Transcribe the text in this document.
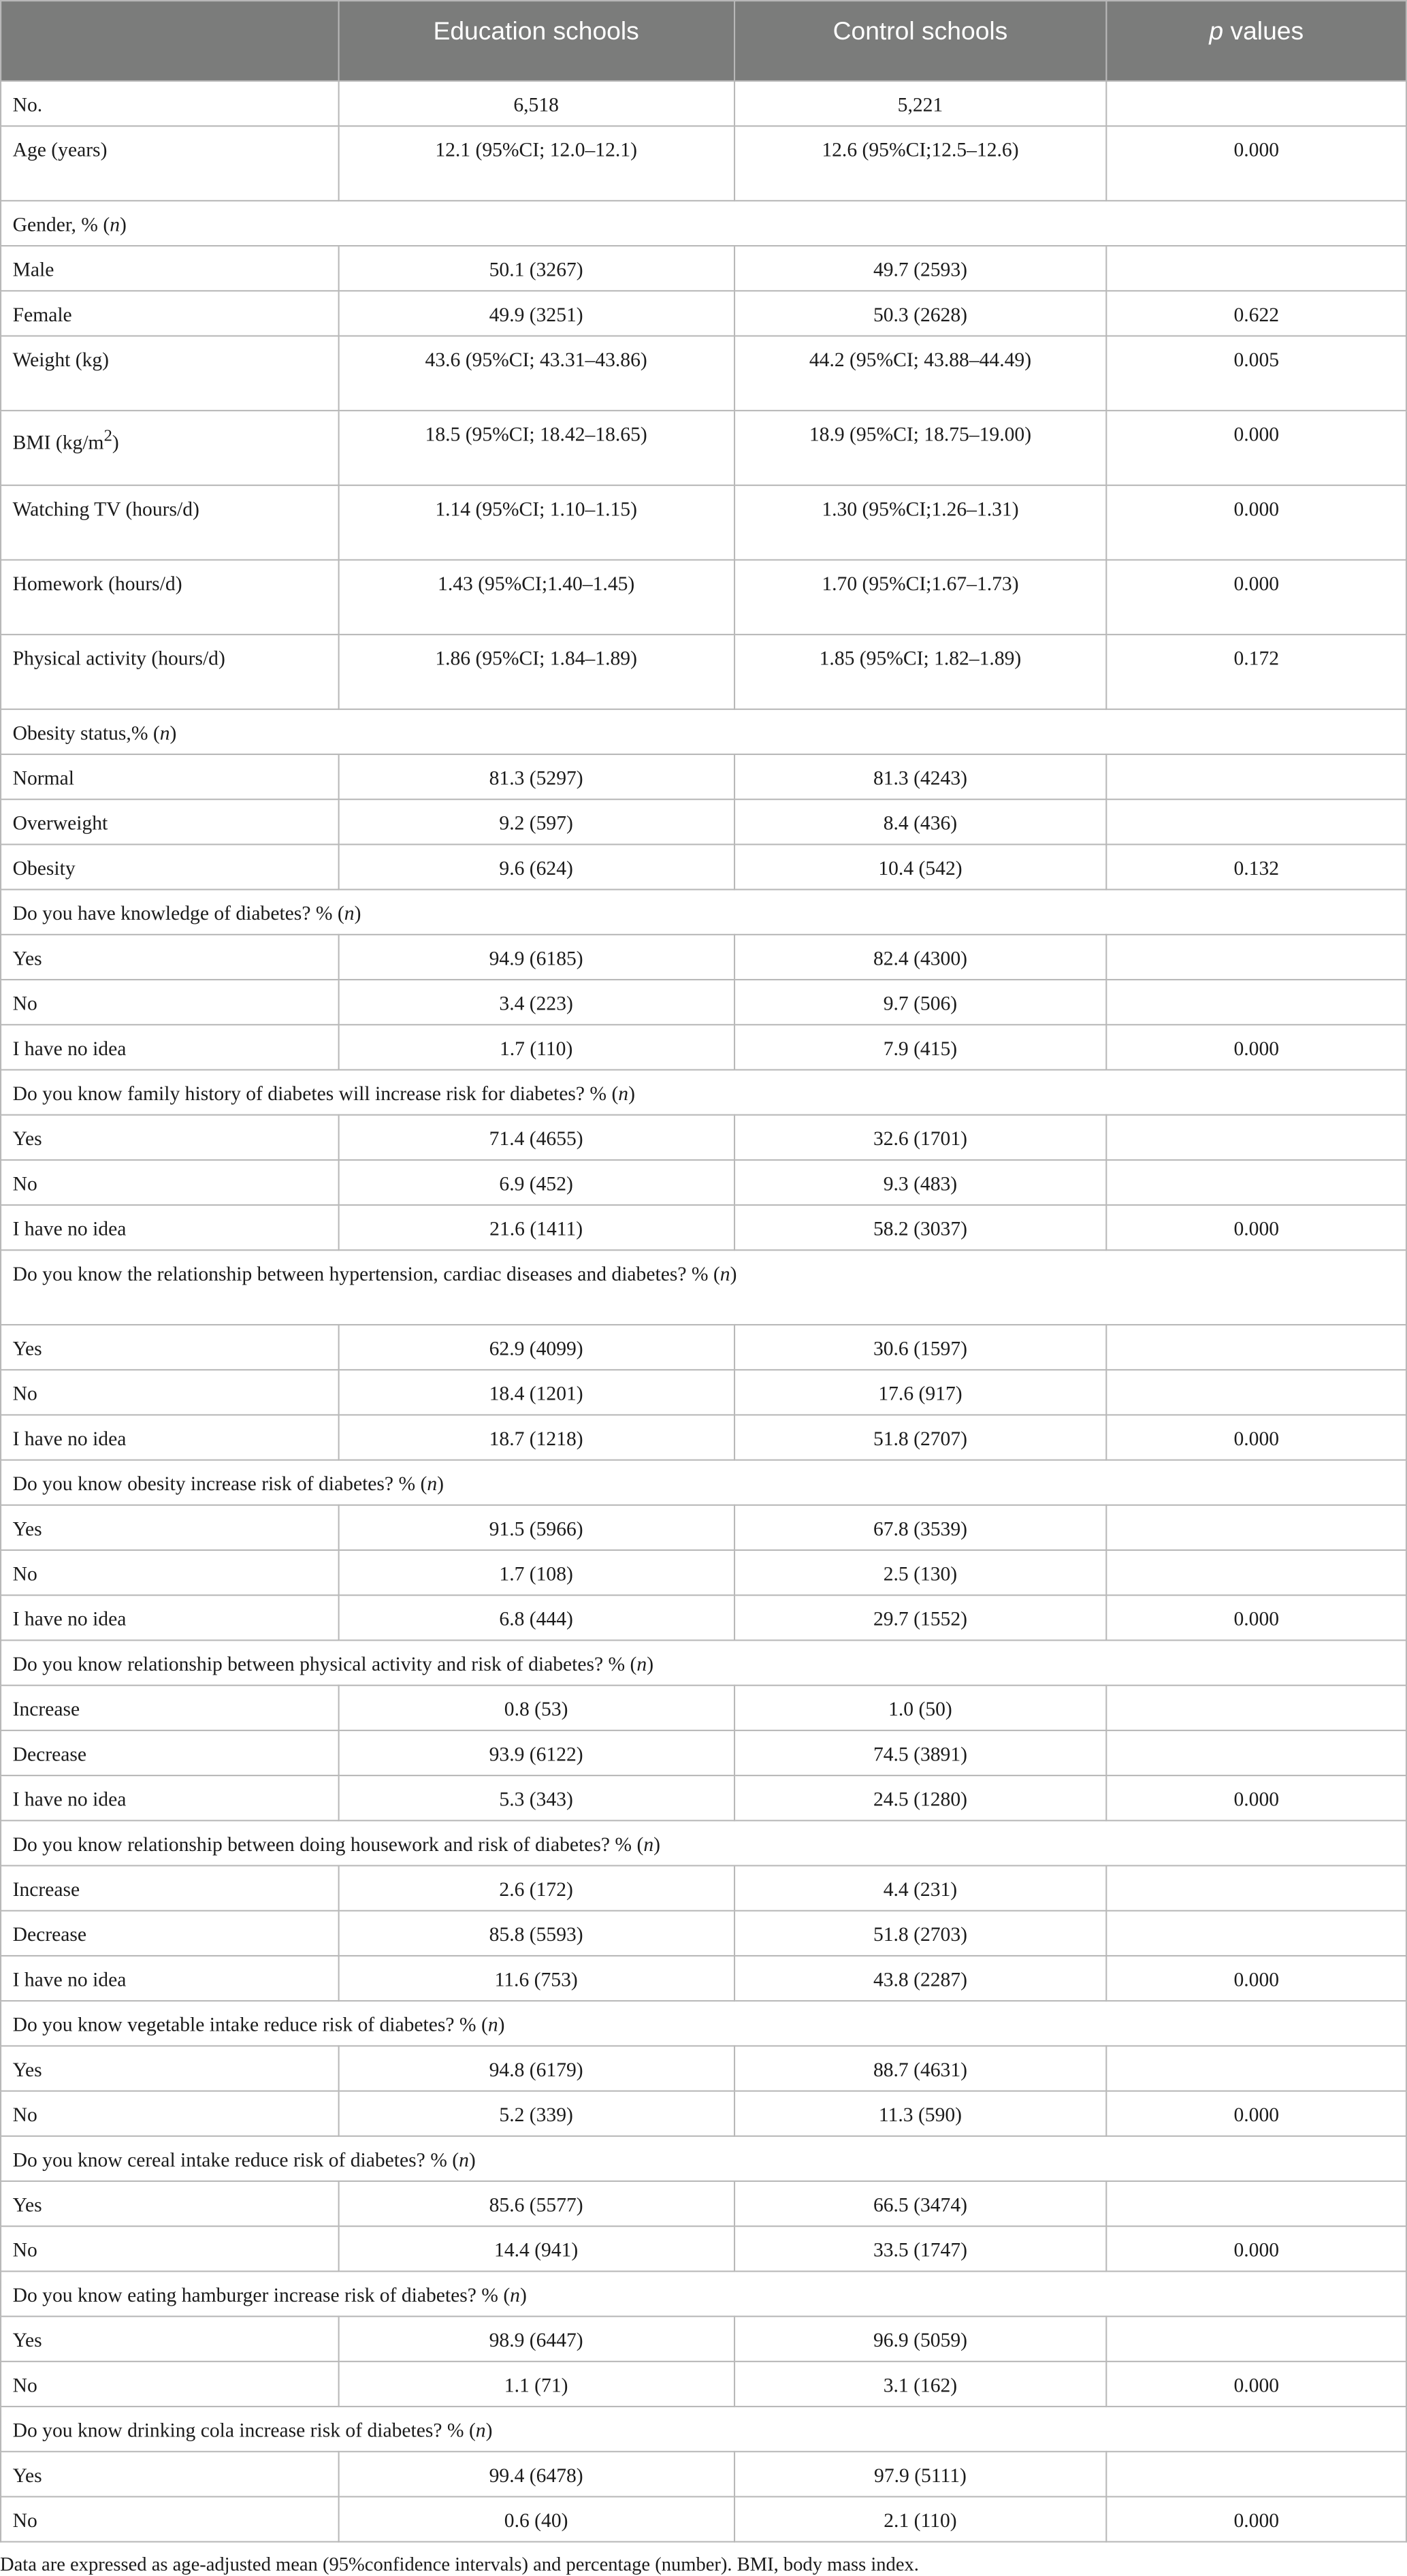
	Education schools	Control schools	p values
No.	6,518	5,221	
Age (years)	12.1 (95%CI; 12.0–12.1)	12.6 (95%CI;12.5–12.6)	0.000
Gender, % (n)			
Male	50.1 (3267)	49.7 (2593)	
Female	49.9 (3251)	50.3 (2628)	0.622
Weight (kg)	43.6 (95%CI; 43.31–43.86)	44.2 (95%CI; 43.88–44.49)	0.005
BMI $(kg/m^2)$	18.5 (95%CI; 18.42–18.65)	18.9 (95%CI; 18.75–19.00)	0.000
Watching TV (hours/d)	1.14 (95%CI; 1.10–1.15)	1.30 (95%CI;1.26–1.31)	0.000
Homework (hours/d)	1.43 (95%CI;1.40–1.45)	1.70 (95%CI;1.67–1.73)	0.000
Physical activity (hours/d)	1.86 (95%CI; 1.84–1.89)	1.85 (95%CI; 1.82–1.89)	0.172
Obesity status,% (n)			
Normal	81.3 (5297)	81.3 (4243)	
Overweight	9.2 (597)	8.4 (436)	
Obesity	9.6 (624)	10.4 (542)	0.132
Do you have knowledge of diabetes? % (n)			
Yes	94.9 (6185)	82.4 (4300)	
No	3.4 (223)	9.7 (506)	
I have no idea	1.7 (110)	7.9 (415)	0.000
Do you know family history of diabetes will increase risk for diabetes? % (n)			
Yes	71.4 (4655)	32.6 (1701)	
No	6.9 (452)	9.3 (483)	
I have no idea	21.6 (1411)	58.2 (3037)	0.000
Do you know the relationship between hypertension, cardiac diseases and diabetes? % (n)			
Yes	62.9 (4099)	30.6 (1597)	
No	18.4 (1201)	17.6 (917)	
I have no idea	18.7 (1218)	51.8 (2707)	0.000
Do you know obesity increase risk of diabetes? % (n)			
Yes	91.5 (5966)	67.8 (3539)	
No	1.7 (108)	2.5 (130)	
I have no idea	6.8 (444)	29.7 (1552)	0.000
Do you know relationship between physical activity and risk of diabetes? % (n)			
Increase	0.8 (53)	1.0 (50)	
Decrease	93.9 (6122)	74.5 (3891)	
I have no idea	5.3 (343)	24.5 (1280)	0.000
Do you know relationship between doing housework and risk of diabetes? % (n)			
Increase	2.6 (172)	4.4 (231)	
Decrease	85.8 (5593)	51.8 (2703)	
I have no idea	11.6 (753)	43.8 (2287)	0.000
Do you know vegetable intake reduce risk of diabetes? % (n)			
Yes	94.8 (6179)	88.7 (4631)	
No	5.2 (339)	11.3 (590)	0.000
Do you know cereal intake reduce risk of diabetes? % (n)			
Yes	85.6 (5577)	66.5 (3474)	
No	14.4 (941)	33.5 (1747)	0.000
Do you know eating hamburger increase risk of diabetes? % (n)			
Yes	98.9 (6447)	96.9 (5059)	
No	1.1 (71)	3.1 (162)	0.000
Do you know drinking cola increase risk of diabetes? % (n)			
Yes	99.4 (6478)	97.9 (5111)	
No	0.6 (40)	2.1 (110)	0.000
Data are expressed as age-adjusted mean (95%confidence intervals) and percentage (number). BMI, body mass index.
